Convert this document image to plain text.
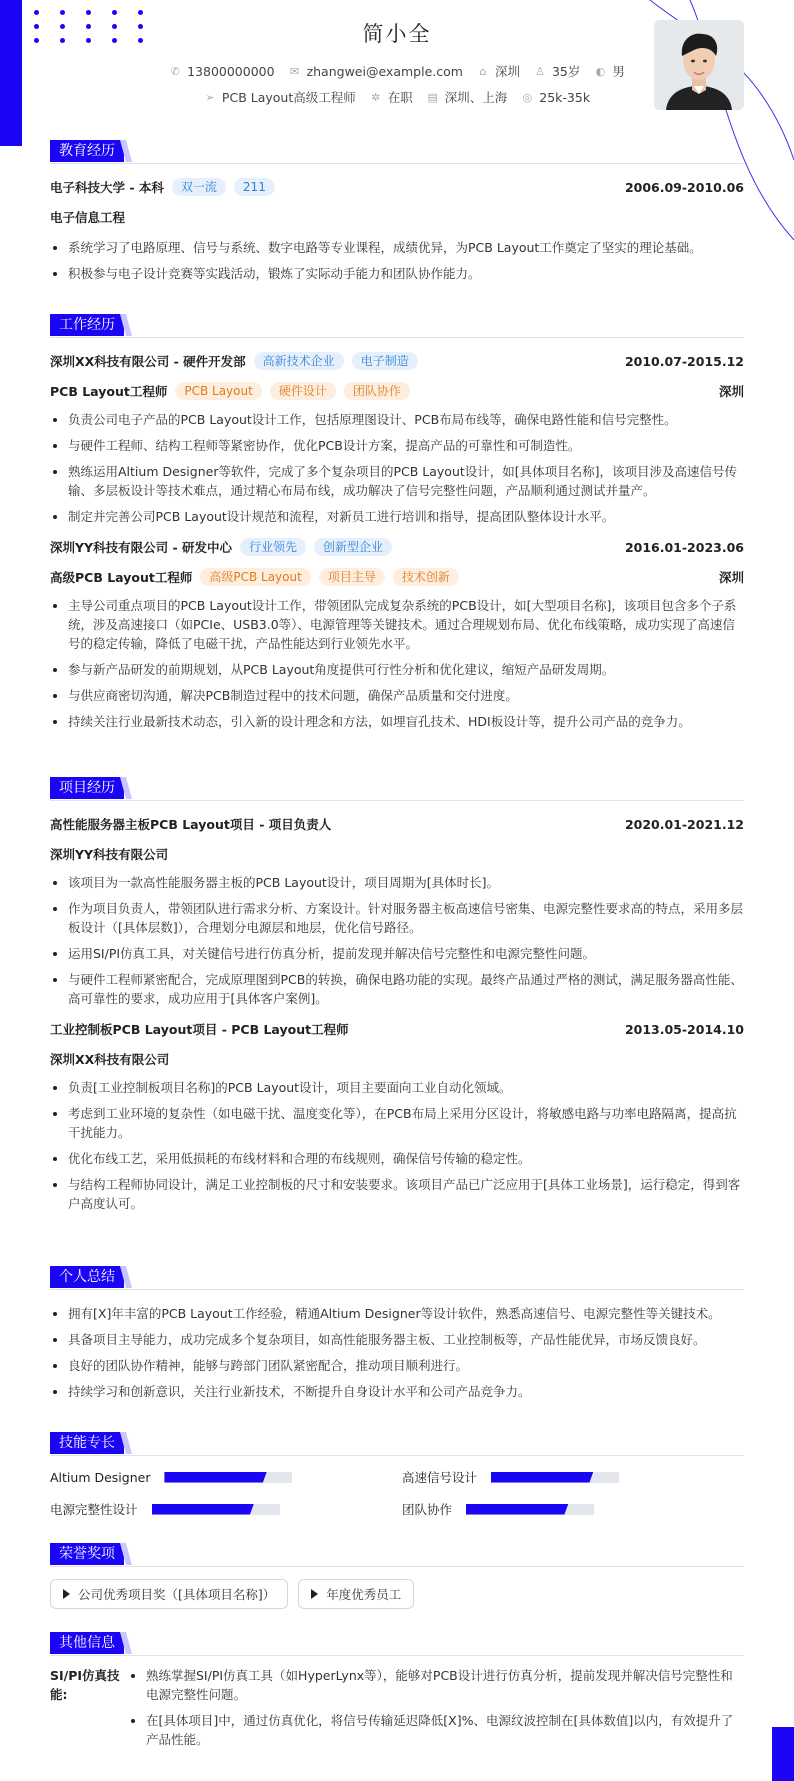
简小全
✆ 13800000000 ✉ zhangwei@example.com ⌂ 深圳 ♙ 35岁 ◐ 男
➢ PCB Layout高级工程师 ✲ 在职 ▤ 深圳、上海 ◎ 25k-35k
教育经历
电子科技大学 - 本科	双一流	211	2006.09-2010.06
电子信息工程
系统学习了电路原理、信号与系统、数字电路等专业课程，成绩优异，为PCB Layout工作奠定了坚实的理论基础。
积极参与电子设计竞赛等实践活动，锻炼了实际动手能力和团队协作能力。
工作经历
深圳XX科技有限公司 - 硬件开发部	高新技术企业	电子制造	2010.07-2015.12
PCB Layout工程师	PCB Layout	硬件设计	团队协作	深圳
负责公司电子产品的PCB Layout设计工作，包括原理图设计、PCB布局布线等，确保电路性能和信号完整性。
与硬件工程师、结构工程师等紧密协作，优化PCB设计方案，提高产品的可靠性和可制造性。
熟练运用Altium Designer等软件，完成了多个复杂项目的PCB Layout设计，如[具体项目名称]，该项目涉及高速信号传输、多层板设计等技术难点，通过精心布局布线，成功解决了信号完整性问题，产品顺利通过测试并量产。
制定并完善公司PCB Layout设计规范和流程，对新员工进行培训和指导，提高团队整体设计水平。
深圳YY科技有限公司 - 研发中心	行业领先	创新型企业	2016.01-2023.06
高级PCB Layout工程师	高级PCB Layout	项目主导	技术创新	深圳
主导公司重点项目的PCB Layout设计工作，带领团队完成复杂系统的PCB设计，如[大型项目名称]，该项目包含多个子系统，涉及高速接口（如PCIe、USB3.0等）、电源管理等关键技术。通过合理规划布局、优化布线策略，成功实现了高速信号的稳定传输，降低了电磁干扰，产品性能达到行业领先水平。
参与新产品研发的前期规划，从PCB Layout角度提供可行性分析和优化建议，缩短产品研发周期。
与供应商密切沟通，解决PCB制造过程中的技术问题，确保产品质量和交付进度。
持续关注行业最新技术动态，引入新的设计理念和方法，如埋盲孔技术、HDI板设计等，提升公司产品的竞争力。
项目经历
高性能服务器主板PCB Layout项目 - 项目负责人	2020.01-2021.12
深圳YY科技有限公司
该项目为一款高性能服务器主板的PCB Layout设计，项目周期为[具体时长]。
作为项目负责人，带领团队进行需求分析、方案设计。针对服务器主板高速信号密集、电源完整性要求高的特点，采用多层板设计（[具体层数]），合理划分电源层和地层，优化信号路径。
运用SI/PI仿真工具，对关键信号进行仿真分析，提前发现并解决信号完整性和电源完整性问题。
与硬件工程师紧密配合，完成原理图到PCB的转换，确保电路功能的实现。最终产品通过严格的测试，满足服务器高性能、高可靠性的要求，成功应用于[具体客户案例]。
工业控制板PCB Layout项目 - PCB Layout工程师	2013.05-2014.10
深圳XX科技有限公司
负责[工业控制板项目名称]的PCB Layout设计，项目主要面向工业自动化领域。
考虑到工业环境的复杂性（如电磁干扰、温度变化等），在PCB布局上采用分区设计，将敏感电路与功率电路隔离，提高抗干扰能力。
优化布线工艺，采用低损耗的布线材料和合理的布线规则，确保信号传输的稳定性。
与结构工程师协同设计，满足工业控制板的尺寸和安装要求。该项目产品已广泛应用于[具体工业场景]，运行稳定，得到客户高度认可。
个人总结
拥有[X]年丰富的PCB Layout工作经验，精通Altium Designer等设计软件，熟悉高速信号、电源完整性等关键技术。
具备项目主导能力，成功完成多个复杂项目，如高性能服务器主板、工业控制板等，产品性能优异，市场反馈良好。
良好的团队协作精神，能够与跨部门团队紧密配合，推动项目顺利进行。
持续学习和创新意识，关注行业新技术，不断提升自身设计水平和公司产品竞争力。
技能专长
Altium Designer	高速信号设计
电源完整性设计	团队协作
荣誉奖项
公司优秀项目奖（[具体项目名称]）	年度优秀员工
其他信息
SI/PI仿真技能:
熟练掌握SI/PI仿真工具（如HyperLynx等），能够对PCB设计进行仿真分析，提前发现并解决信号完整性和电源完整性问题。
在[具体项目]中，通过仿真优化，将信号传输延迟降低[X]%、电源纹波控制在[具体数值]以内，有效提升了产品性能。
